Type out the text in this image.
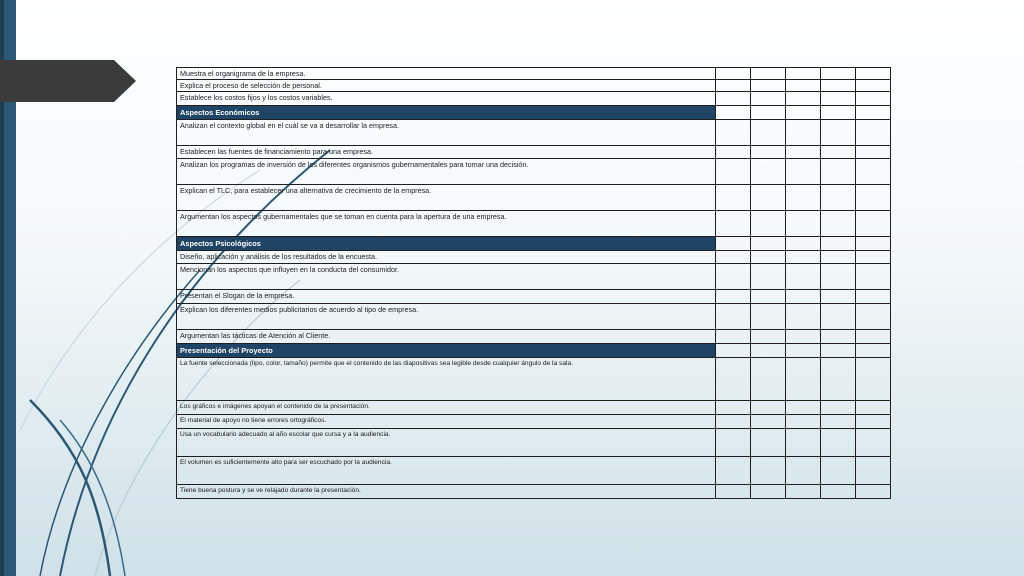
Muestra el organigrama de la empresa.					
Explica el proceso de selección de personal.					
Establece los costos fijos y los costos variables.					
Aspectos Económicos					
Analizan el contexto global en el cuál se va a desarrollar la empresa.					
Establecen las fuentes de financiamiento para una empresa.					
Analizan los programas de inversión de los diferentes organismos gubernamentales para tomar una decisión.					
Explican el TLC, para establecer una alternativa de crecimiento de la empresa.					
Argumentan los aspectos gubernamentales que se toman en cuenta para la apertura de una empresa.					
Aspectos Psicológicos					
Diseño, aplicación y análisis de los resultados de la encuesta.					
Mencionan los aspectos que influyen en la conducta del consumidor.					
Presentan el Slogan de la empresa.					
Explican los diferentes medios publicitarios de acuerdo al tipo de empresa.					
Argumentan las tácticas de Atención al Cliente.					
Presentación del Proyecto					
La fuente seleccionada (tipo, color, tamaño) permite que el contenido de las diapositivas sea legible desde cualquier ángulo de la sala.					
Los gráficos e imágenes apoyan el contenido de la presentación.					
El material de apoyo no tiene errores ortográficos.					
Usa un vocabulario adecuado al año escolar que cursa y a la audiencia.					
El volumen es suficientemente alto para ser escuchado por la audiencia.					
Tiene buena postura y se ve relajado durante la presentación.					
